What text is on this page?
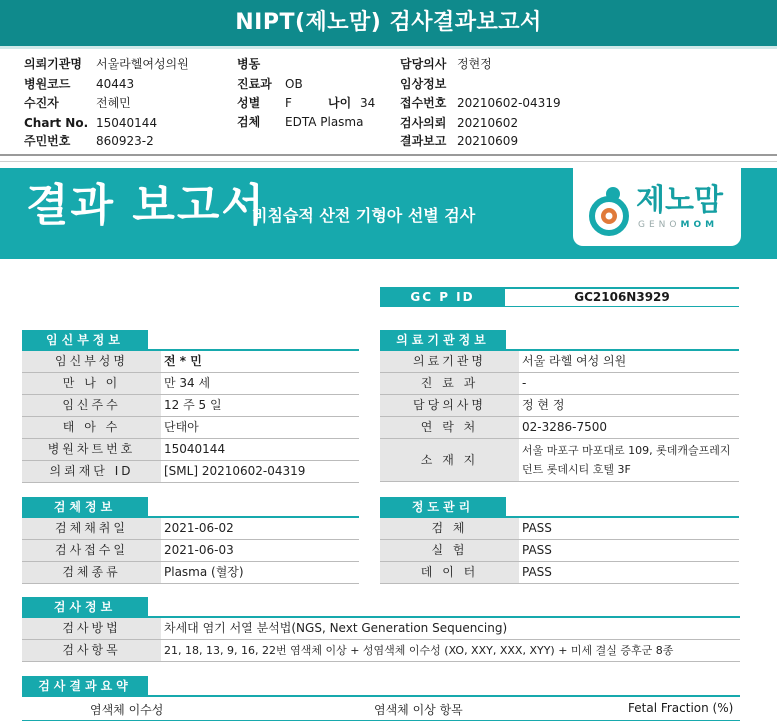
NIPT(제노맘) 검사결과보고서
의뢰기관명 서울라헬여성의원
병원코드 40443
수진자	전혜민
Chart No. 15040144
주민번호 860923-2
병동
진료과 OB
성별 F	나이 34
검체 EDTA Plasma
담당의사 정현정
임상정보
접수번호 20210602-04319
검사의뢰 20210602
결과보고 20210609
결과 보고서
비침습적 산전 기형아 선별 검사	제노맘
GENOMOM
GC P ID	GC2106N3929
임신부정보
임신부성명	전 * 민
만 나 이	만 34 세
임신주수	12 주 5 일
태 아 수	단태아
병원차트번호	15040144
의뢰재단 ID	[SML] 20210602-04319
의료기관정보
의료기관명	서울 라헬 여성 의원
진 료 과	-
담당의사명	정 현 정
연 락 처	02-3286-7500
소 재 지
서울 마포구 마포대로 109, 롯데캐슬프레지던트 롯데시티 호텔 3F
검체정보
검체채취일	2021-06-02
검사접수일	2021-06-03
검체종류	Plasma (혈장)
정도관리
검 체	PASS
실 험	PASS
데 이 터	PASS
검사정보
검사방법	차세대 염기 서열 분석법(NGS, Next Generation Sequencing)
검사항목	21, 18, 13, 9, 16, 22번 염색체 이상 + 성염색체 이수성 (XO, XXY, XXX, XYY) + 미세 결실 증후군 8종
검사결과요약
염색체 이수성	염색체 이상 항목	Fetal Fraction (%)
